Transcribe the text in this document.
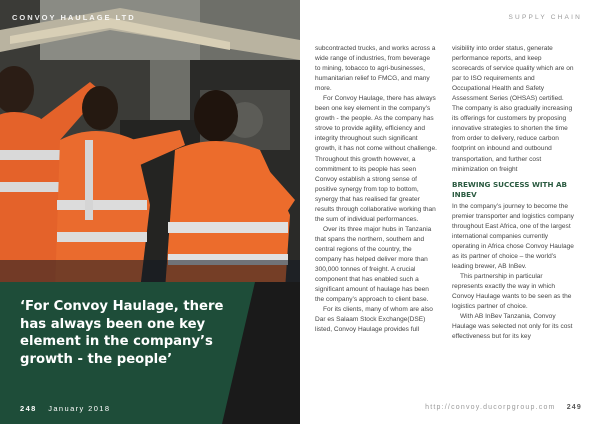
CONVOY HAULAGE LTD
‘For Convoy Haulage, there has always been one key element in the company’s growth - the people’
248 January 2018
SUPPLY CHAIN

subcontracted trucks, and works across a wide range of industries, from beverage to mining, tobacco to agri-businesses, humanitarian relief to FMCG, and many more.

For Convoy Haulage, there has always been one key element in the company’s growth - the people. As the company has strove to provide agility, efficiency and integrity throughout such significant growth, it has not come without challenge. Throughout this growth however, a commitment to its people has seen Convoy establish a strong sense of positive synergy from top to bottom, synergy that has realised far greater results through collaborative working than the sum of individual performances.

Over its three major hubs in Tanzania that spans the northern, southern and central regions of the country, the company has helped deliver more than 300,000 tonnes of freight. A crucial component that has enabled such a significant amount of haulage has been the company’s approach to client base.

For its clients, many of whom are also Dar es Salaam Stock Exchange(DSE) listed, Convoy Haulage provides full

visibility into order status, generate performance reports, and keep scorecards of service quality which are on par to ISO requirements and Occupational Health and Safety Assessment Series (OHSAS) certified. The company is also gradually increasing its offerings for customers by proposing innovative strategies to shorten the time from order to delivery, reduce carbon footprint on inbound and outbound transportation, and further cost minimization on freight

BREWING SUCCESS WITH AB INBEV

In the company’s journey to become the premier transporter and logistics company throughout East Africa, one of the largest international companies currently operating in Africa chose Convoy Haulage as its partner of choice – the world’s leading brewer, AB InBev.

This partnership in particular represents exactly the way in which Convoy Haulage wants to be seen as the logistics partner of choice.

With AB InBev Tanzania, Convoy Haulage was selected not only for its cost effectiveness but for its key

http://convoy.ducorpgroup.com 249
